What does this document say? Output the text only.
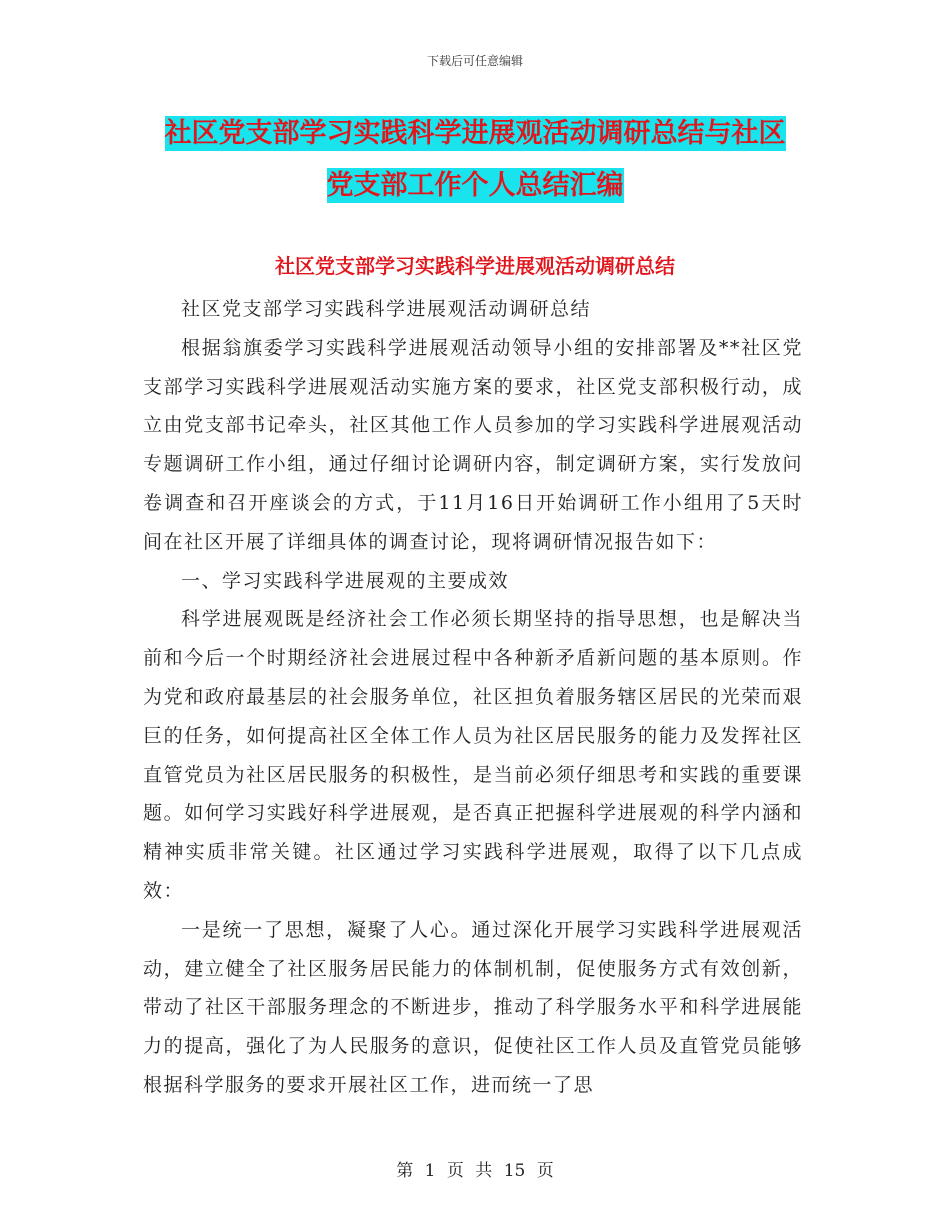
下载后可任意编辑
社区党支部学习实践科学进展观活动调研总结与社区
党支部工作个人总结汇编
社区党支部学习实践科学进展观活动调研总结

社区党支部学习实践科学进展观活动调研总结

根据翁旗委学习实践科学进展观活动领导小组的安排部署及**社区党支部学习实践科学进展观活动实施方案的要求，社区党支部积极行动，成立由党支部书记牵头，社区其他工作人员参加的学习实践科学进展观活动专题调研工作小组，通过仔细讨论调研内容，制定调研方案，实行发放问卷调查和召开座谈会的方式，于11月16日开始调研工作小组用了5天时间在社区开展了详细具体的调查讨论，现将调研情况报告如下：

一、学习实践科学进展观的主要成效

科学进展观既是经济社会工作必须长期坚持的指导思想，也是解决当前和今后一个时期经济社会进展过程中各种新矛盾新问题的基本原则。作为党和政府最基层的社会服务单位，社区担负着服务辖区居民的光荣而艰巨的任务，如何提高社区全体工作人员为社区居民服务的能力及发挥社区直管党员为社区居民服务的积极性，是当前必须仔细思考和实践的重要课题。如何学习实践好科学进展观，是否真正把握科学进展观的科学内涵和精神实质非常关键。社区通过学习实践科学进展观，取得了以下几点成效：

一是统一了思想，凝聚了人心。通过深化开展学习实践科学进展观活动，建立健全了社区服务居民能力的体制机制，促使服务方式有效创新，带动了社区干部服务理念的不断进步，推动了科学服务水平和科学进展能力的提高，强化了为人民服务的意识，促使社区工作人员及直管党员能够根据科学服务的要求开展社区工作，进而统一了思

第 1 页 共 15 页
